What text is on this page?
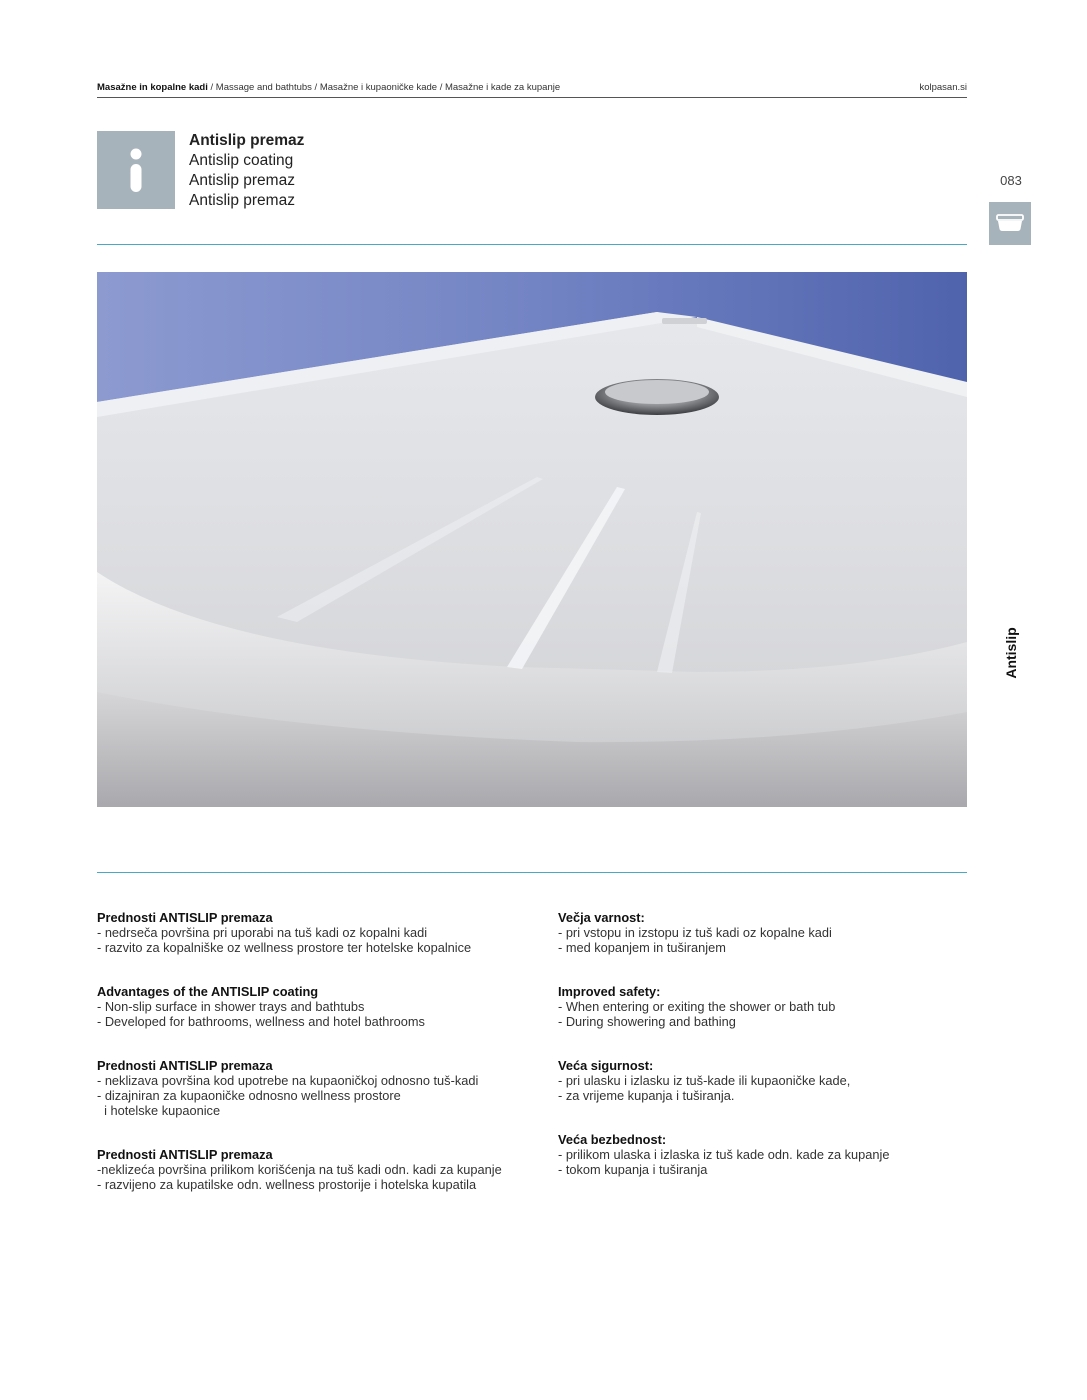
Masažne in kopalne kadi / Massage and bathtubs / Masažne i kupaoničke kade / Masažne i kade za kupanje	kolpasan.si
Antislip premaz
Antislip coating
Antislip premaz
Antislip premaz
083
Antislip
Prednosti ANTISLIP premaza
- nedrseča površina pri uporabi na tuš kadi oz kopalni kadi
- razvito za kopalniške oz wellness prostore ter hotelske kopalnice
Advantages of the ANTISLIP coating
- Non-slip surface in shower trays and bathtubs
- Developed for bathrooms, wellness and hotel bathrooms
Prednosti ANTISLIP premaza
- neklizava površina kod upotrebe na kupaoničkoj odnosno tuš-kadi
- dizajniran za kupaoničke odnosno wellness prostore
i hotelske kupaonice
Prednosti ANTISLIP premaza
-neklizeća površina prilikom korišćenja na tuš kadi odn. kadi za kupanje
- razvijeno za kupatilske odn. wellness prostorije i hotelska kupatila
Večja varnost:
- pri vstopu in izstopu iz tuš kadi oz kopalne kadi
- med kopanjem in tuširanjem
Improved safety:
- When entering or exiting the shower or bath tub
- During showering and bathing
Veća sigurnost:
- pri ulasku i izlasku iz tuš-kade ili kupaoničke kade,
- za vrijeme kupanja i tuširanja.
Veća bezbednost:
- prilikom ulaska i izlaska iz tuš kade odn. kade za kupanje
- tokom kupanja i tuširanja
